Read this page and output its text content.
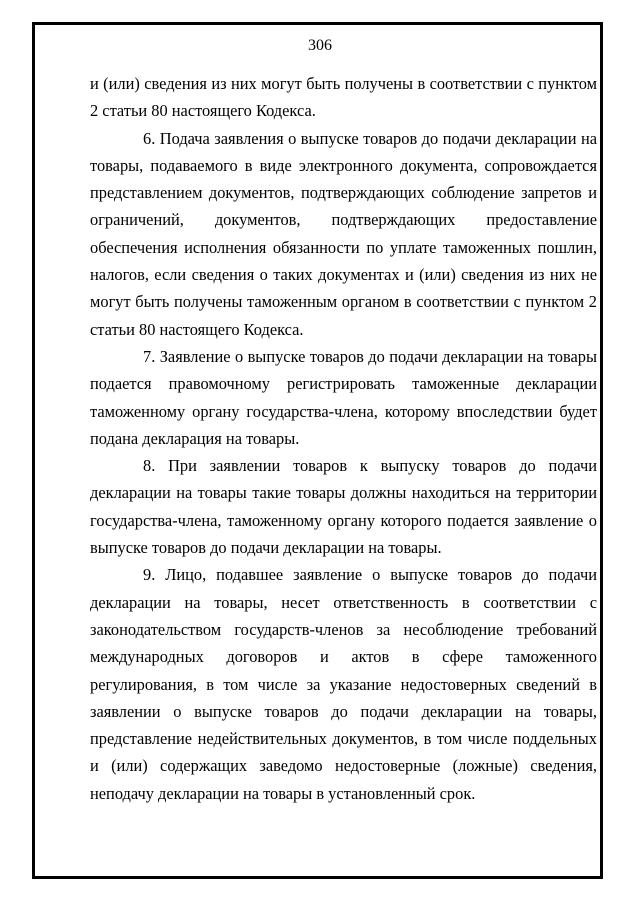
306

и (или) сведения из них могут быть получены в соответствии с пунктом 2 статьи 80 настоящего Кодекса.

6. Подача заявления о выпуске товаров до подачи декларации на товары, подаваемого в виде электронного документа, сопровождается представлением документов, подтверждающих соблюдение запретов и ограничений, документов, подтверждающих предоставление обеспечения исполнения обязанности по уплате таможенных пошлин, налогов, если сведения о таких документах и (или) сведения из них не могут быть получены таможенным органом в соответствии с пунктом 2 статьи 80 настоящего Кодекса.

7. Заявление о выпуске товаров до подачи декларации на товары подается правомочному регистрировать таможенные декларации таможенному органу государства-члена, которому впоследствии будет подана декларация на товары.

8. При заявлении товаров к выпуску товаров до подачи декларации на товары такие товары должны находиться на территории государства-члена, таможенному органу которого подается заявление о выпуске товаров до подачи декларации на товары.

9. Лицо, подавшее заявление о выпуске товаров до подачи декларации на товары, несет ответственность в соответствии с законодательством государств-членов за несоблюдение требований международных договоров и актов в сфере таможенного регулирования, в том числе за указание недостоверных сведений в заявлении о выпуске товаров до подачи декларации на товары, представление недействительных документов, в том числе поддельных и (или) содержащих заведомо недостоверные (ложные) сведения, неподачу декларации на товары в установленный срок.
